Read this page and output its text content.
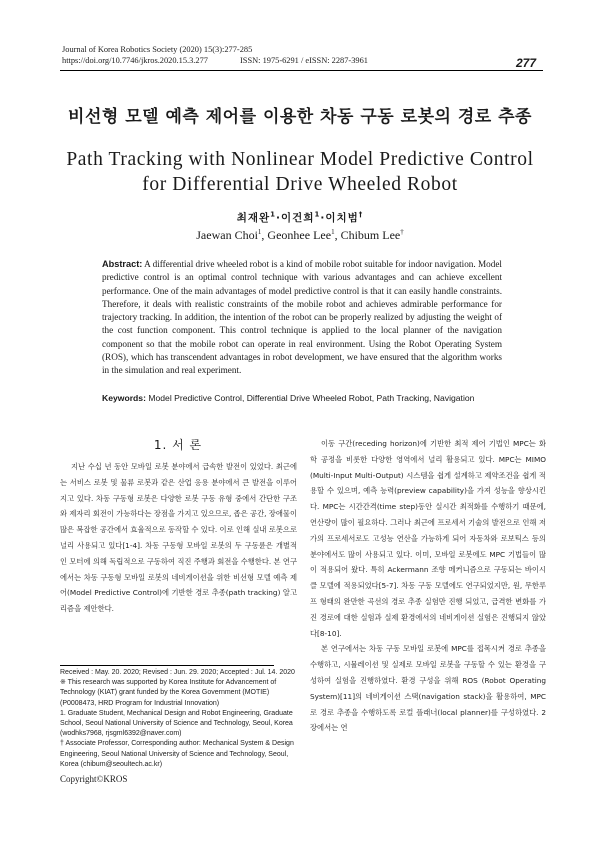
Journal of Korea Robotics Society (2020) 15(3):277-285
https://doi.org/10.7746/jkros.2020.15.3.277	ISSN: 1975-6291 / eISSN: 2287-3961	277
비선형 모델 예측 제어를 이용한 차동 구동 로봇의 경로 추종
Path Tracking with Nonlinear Model Predictive Control
for Differential Drive Wheeled Robot
최재완$^1$·이건희$^1$·이치범†
Jaewan Choi$^1$, Geonhee Lee$^1$, Chibum Lee†
Abstract: A differential drive wheeled robot is a kind of mobile robot suitable for indoor navigation. Model predictive control is an optimal control technique with various advantages and can achieve excellent performance. One of the main advantages of model predictive control is that it can easily handle constraints. Therefore, it deals with realistic constraints of the mobile robot and achieves admirable performance for trajectory tracking. In addition, the intention of the robot can be properly realized by adjusting the weight of the cost function component. This control technique is applied to the local planner of the navigation component so that the mobile robot can operate in real environment. Using the Robot Operating System (ROS), which has transcendent advantages in robot development, we have ensured that the algorithm works in the simulation and real experiment.
Keywords: Model Predictive Control, Differential Drive Wheeled Robot, Path Tracking, Navigation
1. 서 론

지난 수십 년 동안 모바일 로봇 분야에서 급속한 발전이 있었다. 최근에는 서비스 로봇 및 물류 로봇과 같은 산업 응용 분야에서 큰 발전을 이루어지고 있다. 차동 구동형 로봇은 다양한 로봇 구동 유형 중에서 간단한 구조와 제자리 회전이 가능하다는 장점을 가지고 있으므로, 좁은 공간, 장애물이 많은 복잡한 공간에서 효율적으로 동작할 수 있다. 이로 인해 실내 로봇으로 널리 사용되고 있다[1-4]. 차동 구동형 모바일 로봇의 두 구동륜은 개별적인 모터에 의해 독립적으로 구동하여 직진 주행과 회전을 수행한다. 본 연구에서는 차동 구동형 모바일 로봇의 네비게이션을 위한 비선형 모델 예측 제어(Model Predictive Control)에 기반한 경로 추종(path tracking) 알고리즘을 제안한다.

Received : May. 20. 2020; Revised : Jun. 29. 2020; Accepted : Jul. 14. 2020

※ This research was supported by Korea Institute for Advancement of Technology (KIAT) grant funded by the Korea Government (MOTIE) (P0008473, HRD Program for Industrial Innovation)

1. Graduate Student, Mechanical Design and Robot Engineering, Graduate School, Seoul National University of Science and Technology, Seoul, Korea (wodhks7968, rjsgml6392@naver.com)

† Associate Professor, Corresponding author: Mechanical System & Design Engineering, Seoul National University of Science and Technology, Seoul, Korea (chibum@seoultech.ac.kr)

Copyright©KROS

이동 구간(receding horizon)에 기반한 최적 제어 기법인 MPC는 화학 공정을 비롯한 다양한 영역에서 널리 활용되고 있다. MPC는 MIMO (Multi-Input Multi-Output) 시스템을 쉽게 설계하고 제약조건을 쉽게 적용할 수 있으며, 예측 능력(preview capability)을 가져 성능을 향상시킨다. MPC는 시간간격(time step)동안 실시간 최적화를 수행하기 때문에, 연산량이 많이 필요하다. 그러나 최근에 프로세서 기술의 발전으로 인해 저가의 프로세서로도 고성능 연산을 가능하게 되어 자동차와 로보틱스 등의 분야에서도 많이 사용되고 있다. 이미, 모바일 로봇에도 MPC 기법들이 많이 적용되어 왔다. 특히 Ackermann 조향 메커니즘으로 구동되는 바이시클 모델에 적용되었다[5-7]. 차동 구동 모델에도 연구되었지만, 원, 무한루프 형태의 완만한 곡선의 경로 추종 실험만 진행 되었고, 급격한 변화를 가진 경로에 대한 실험과 실제 환경에서의 네비게이션 실험은 진행되지 않았다[8-10].

본 연구에서는 차동 구동 모바일 로봇에 MPC를 접목시켜 경로 추종을 수행하고, 시뮬레이션 및 실제로 모바일 로봇을 구동할 수 있는 환경을 구성하여 실험을 진행하였다. 환경 구성을 위해 ROS (Robot Operating System)[11]의 네비게이션 스택(navigation stack)을 활용하여, MPC로 경로 추종을 수행하도록 로컬 플래너(local planner)를 구성하였다. 2장에서는 연
